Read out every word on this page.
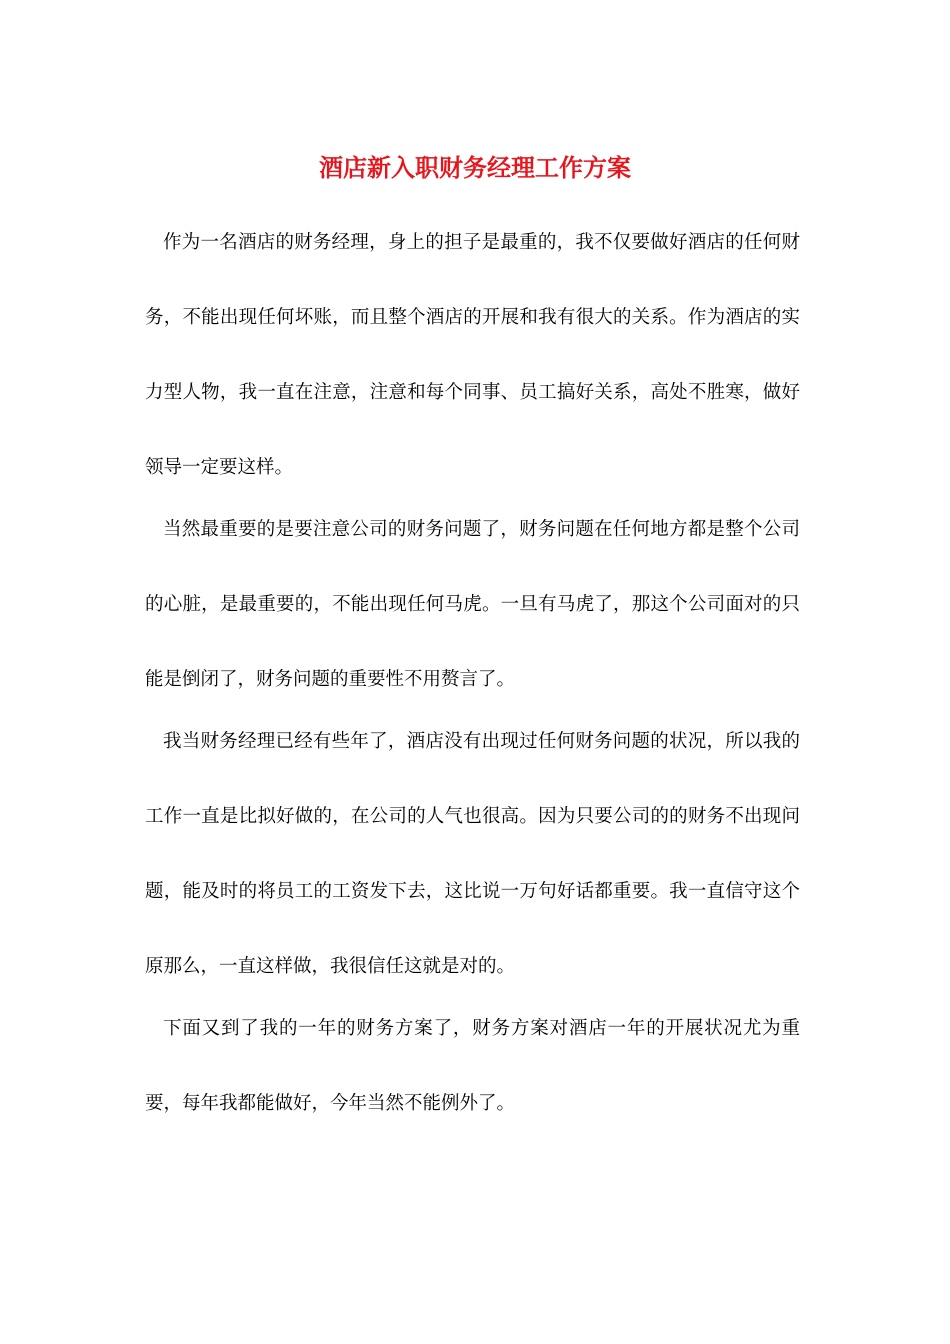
酒店新入职财务经理工作方案

作为一名酒店的财务经理，身上的担子是最重的，我不仅要做好酒店的任何财务，不能出现任何坏账，而且整个酒店的开展和我有很大的关系。作为酒店的实力型人物，我一直在注意，注意和每个同事、员工搞好关系，高处不胜寒，做好领导一定要这样。

当然最重要的是要注意公司的财务问题了，财务问题在任何地方都是整个公司的心脏，是最重要的，不能出现任何马虎。一旦有马虎了，那这个公司面对的只能是倒闭了，财务问题的重要性不用赘言了。

我当财务经理已经有些年了，酒店没有出现过任何财务问题的状况，所以我的工作一直是比拟好做的，在公司的人气也很高。因为只要公司的的财务不出现问题，能及时的将员工的工资发下去，这比说一万句好话都重要。我一直信守这个原那么，一直这样做，我很信任这就是对的。

下面又到了我的一年的财务方案了，财务方案对酒店一年的开展状况尤为重要，每年我都能做好，今年当然不能例外了。
